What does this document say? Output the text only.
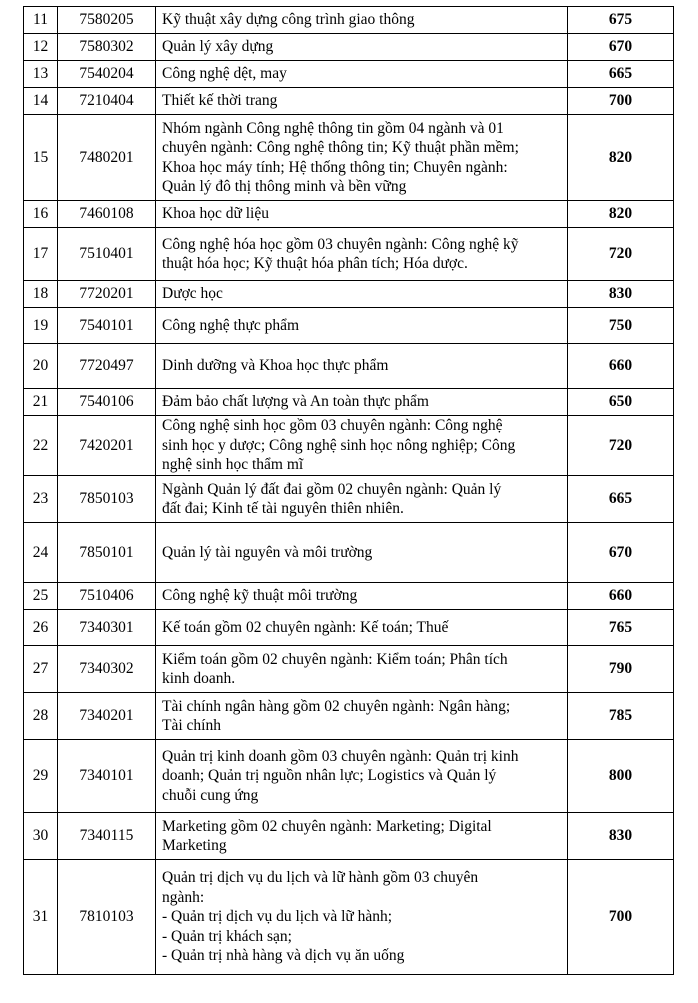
11	7580205	Kỹ thuật xây dựng công trình giao thông	675
12	7580302	Quản lý xây dựng	670
13	7540204	Công nghệ dệt, may	665
14	7210404	Thiết kế thời trang	700
15	7480201	Nhóm ngành Công nghệ thông tin gồm 04 ngành và 01
chuyên ngành: Công nghệ thông tin; Kỹ thuật phần mềm;
Khoa học máy tính; Hệ thống thông tin; Chuyên ngành:
Quản lý đô thị thông minh và bền vững	820
16	7460108	Khoa học dữ liệu	820
17	7510401	Công nghệ hóa học gồm 03 chuyên ngành: Công nghệ kỹ
thuật hóa học; Kỹ thuật hóa phân tích; Hóa dược.	720
18	7720201	Dược học	830
19	7540101	Công nghệ thực phẩm	750
20	7720497	Dinh dưỡng và Khoa học thực phẩm	660
21	7540106	Đảm bảo chất lượng và An toàn thực phẩm	650
22	7420201	Công nghệ sinh học gồm 03 chuyên ngành: Công nghệ
sinh học y dược; Công nghệ sinh học nông nghiệp; Công
nghệ sinh học thẩm mĩ	720
23	7850103	Ngành Quản lý đất đai gồm 02 chuyên ngành: Quản lý
đất đai; Kinh tế tài nguyên thiên nhiên.	665
24	7850101	Quản lý tài nguyên và môi trường	670
25	7510406	Công nghệ kỹ thuật môi trường	660
26	7340301	Kế toán gồm 02 chuyên ngành: Kế toán; Thuế	765
27	7340302	Kiểm toán gồm 02 chuyên ngành: Kiểm toán; Phân tích
kinh doanh.	790
28	7340201	Tài chính ngân hàng gồm 02 chuyên ngành: Ngân hàng;
Tài chính	785
29	7340101	Quản trị kinh doanh gồm 03 chuyên ngành: Quản trị kinh
doanh; Quản trị nguồn nhân lực; Logistics và Quản lý
chuỗi cung ứng	800
30	7340115	Marketing gồm 02 chuyên ngành: Marketing; Digital
Marketing	830
31	7810103	Quản trị dịch vụ du lịch và lữ hành gồm 03 chuyên
ngành:
- Quản trị dịch vụ du lịch và lữ hành;
- Quản trị khách sạn;
- Quản trị nhà hàng và dịch vụ ăn uống	700
